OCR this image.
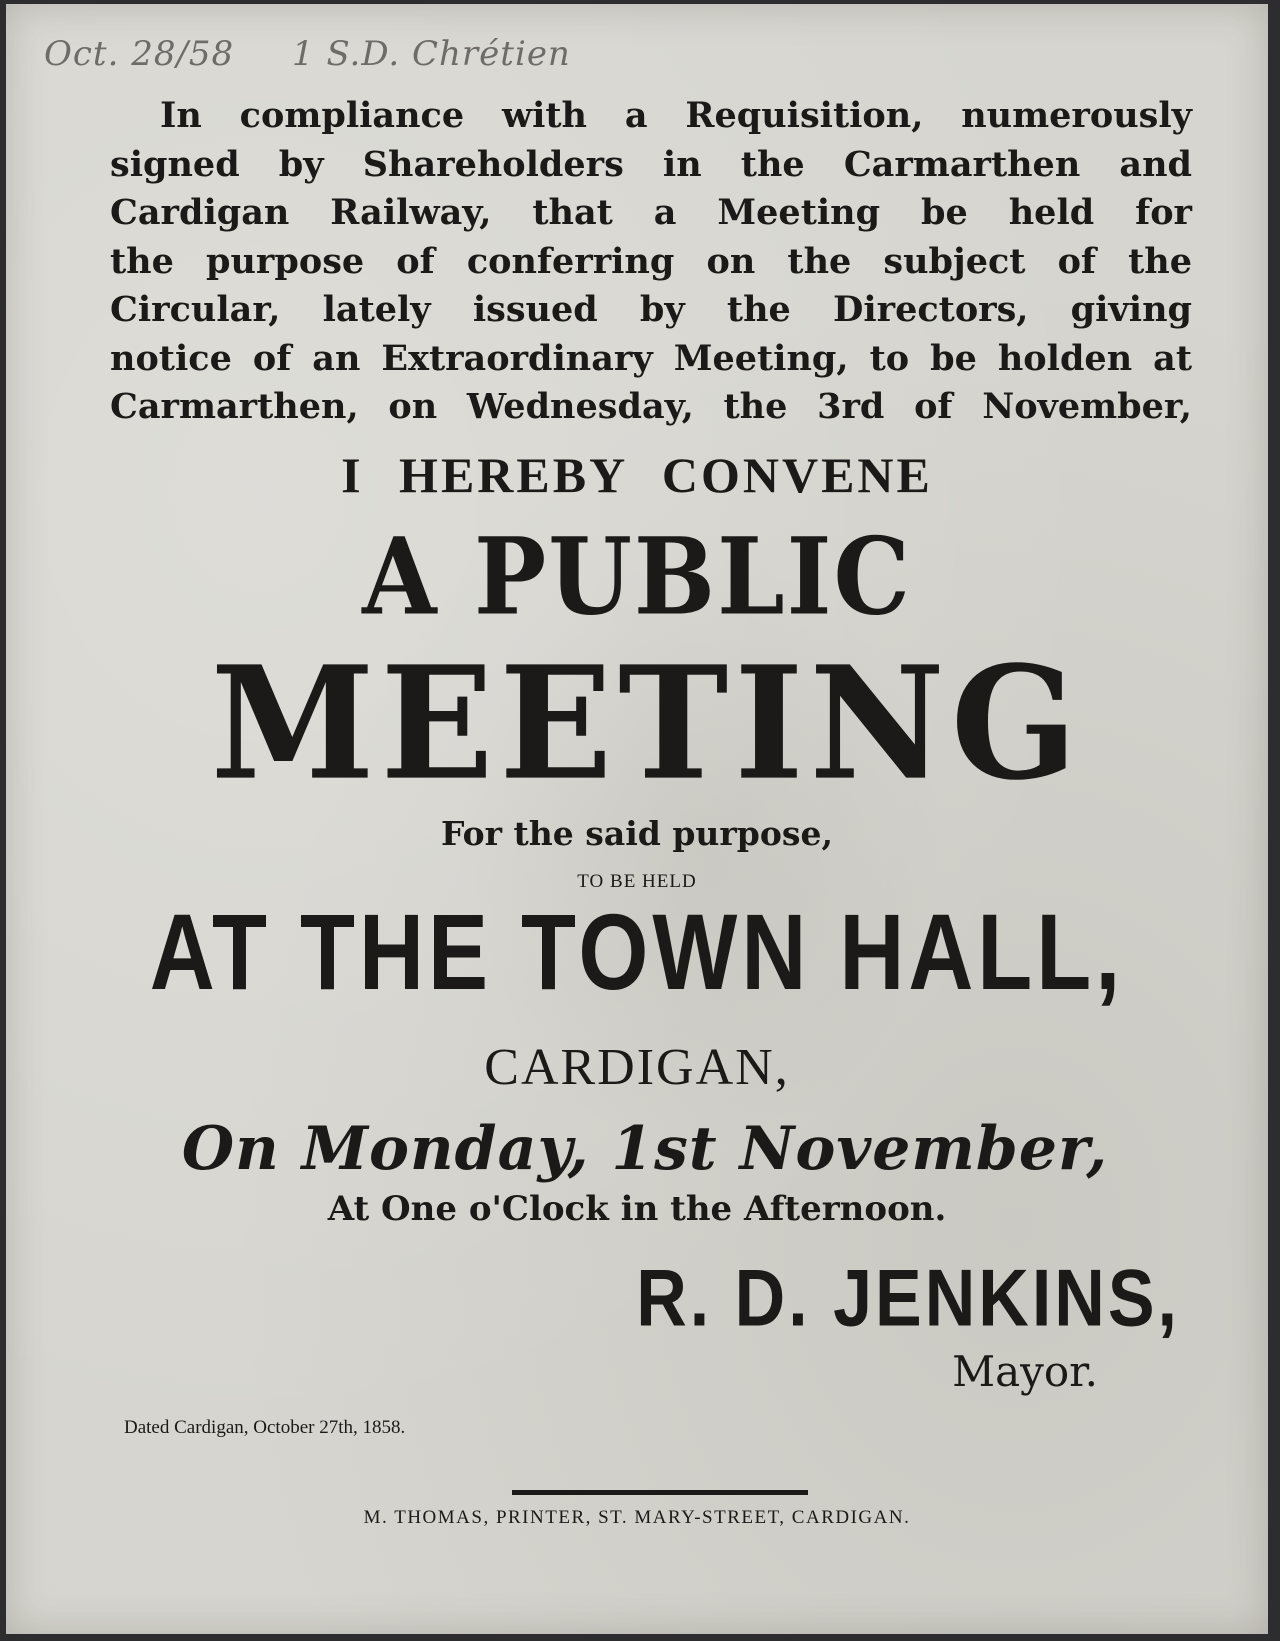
Oct. 28/58 1 S.D. Chrétien

In compliance with a Requisition, numerously
signed by Shareholders in the Carmarthen and
Cardigan Railway, that a Meeting be held for
the purpose of conferring on the subject of the
Circular, lately issued by the Directors, giving
notice of an Extraordinary Meeting, to be holden at
Carmarthen, on Wednesday, the 3rd of November,

I HEREBY CONVENE

A PUBLIC

MEETING

For the said purpose,

TO BE HELD

AT THE TOWN HALL,

CARDIGAN,

On Monday, 1st November,

At One o'Clock in the Afternoon.

R. D. JENKINS,

Mayor.

Dated Cardigan, October 27th, 1858.

M. THOMAS, PRINTER, ST. MARY-STREET, CARDIGAN.
